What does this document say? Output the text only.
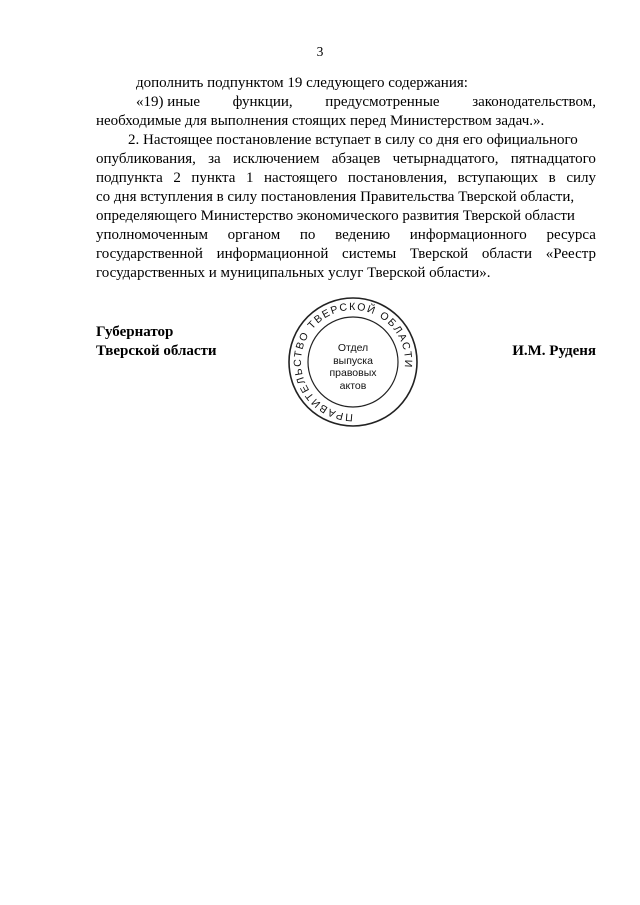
3
дополнить подпунктом 19 следующего содержания:
«19) иные функции, предусмотренные законодательством,
необходимые для выполнения стоящих перед Министерством задач.».
2. Настоящее постановление вступает в силу со дня его официального
опубликования, за исключением абзацев четырнадцатого, пятнадцатого
подпункта 2 пункта 1 настоящего постановления, вступающих в силу
со дня вступления в силу постановления Правительства Тверской области,
определяющего Министерство экономического развития Тверской области
уполномоченным органом по ведению информационного ресурса
государственной информационной системы Тверской области «Реестр
государственных и муниципальных услуг Тверской области».
Губернатор
Тверской области
ПРАВИТЕЛЬСТВО ТВЕРСКОЙ ОБЛАСТИ
Отдел
выпуска
правовых
актов
И.М. Руденя
